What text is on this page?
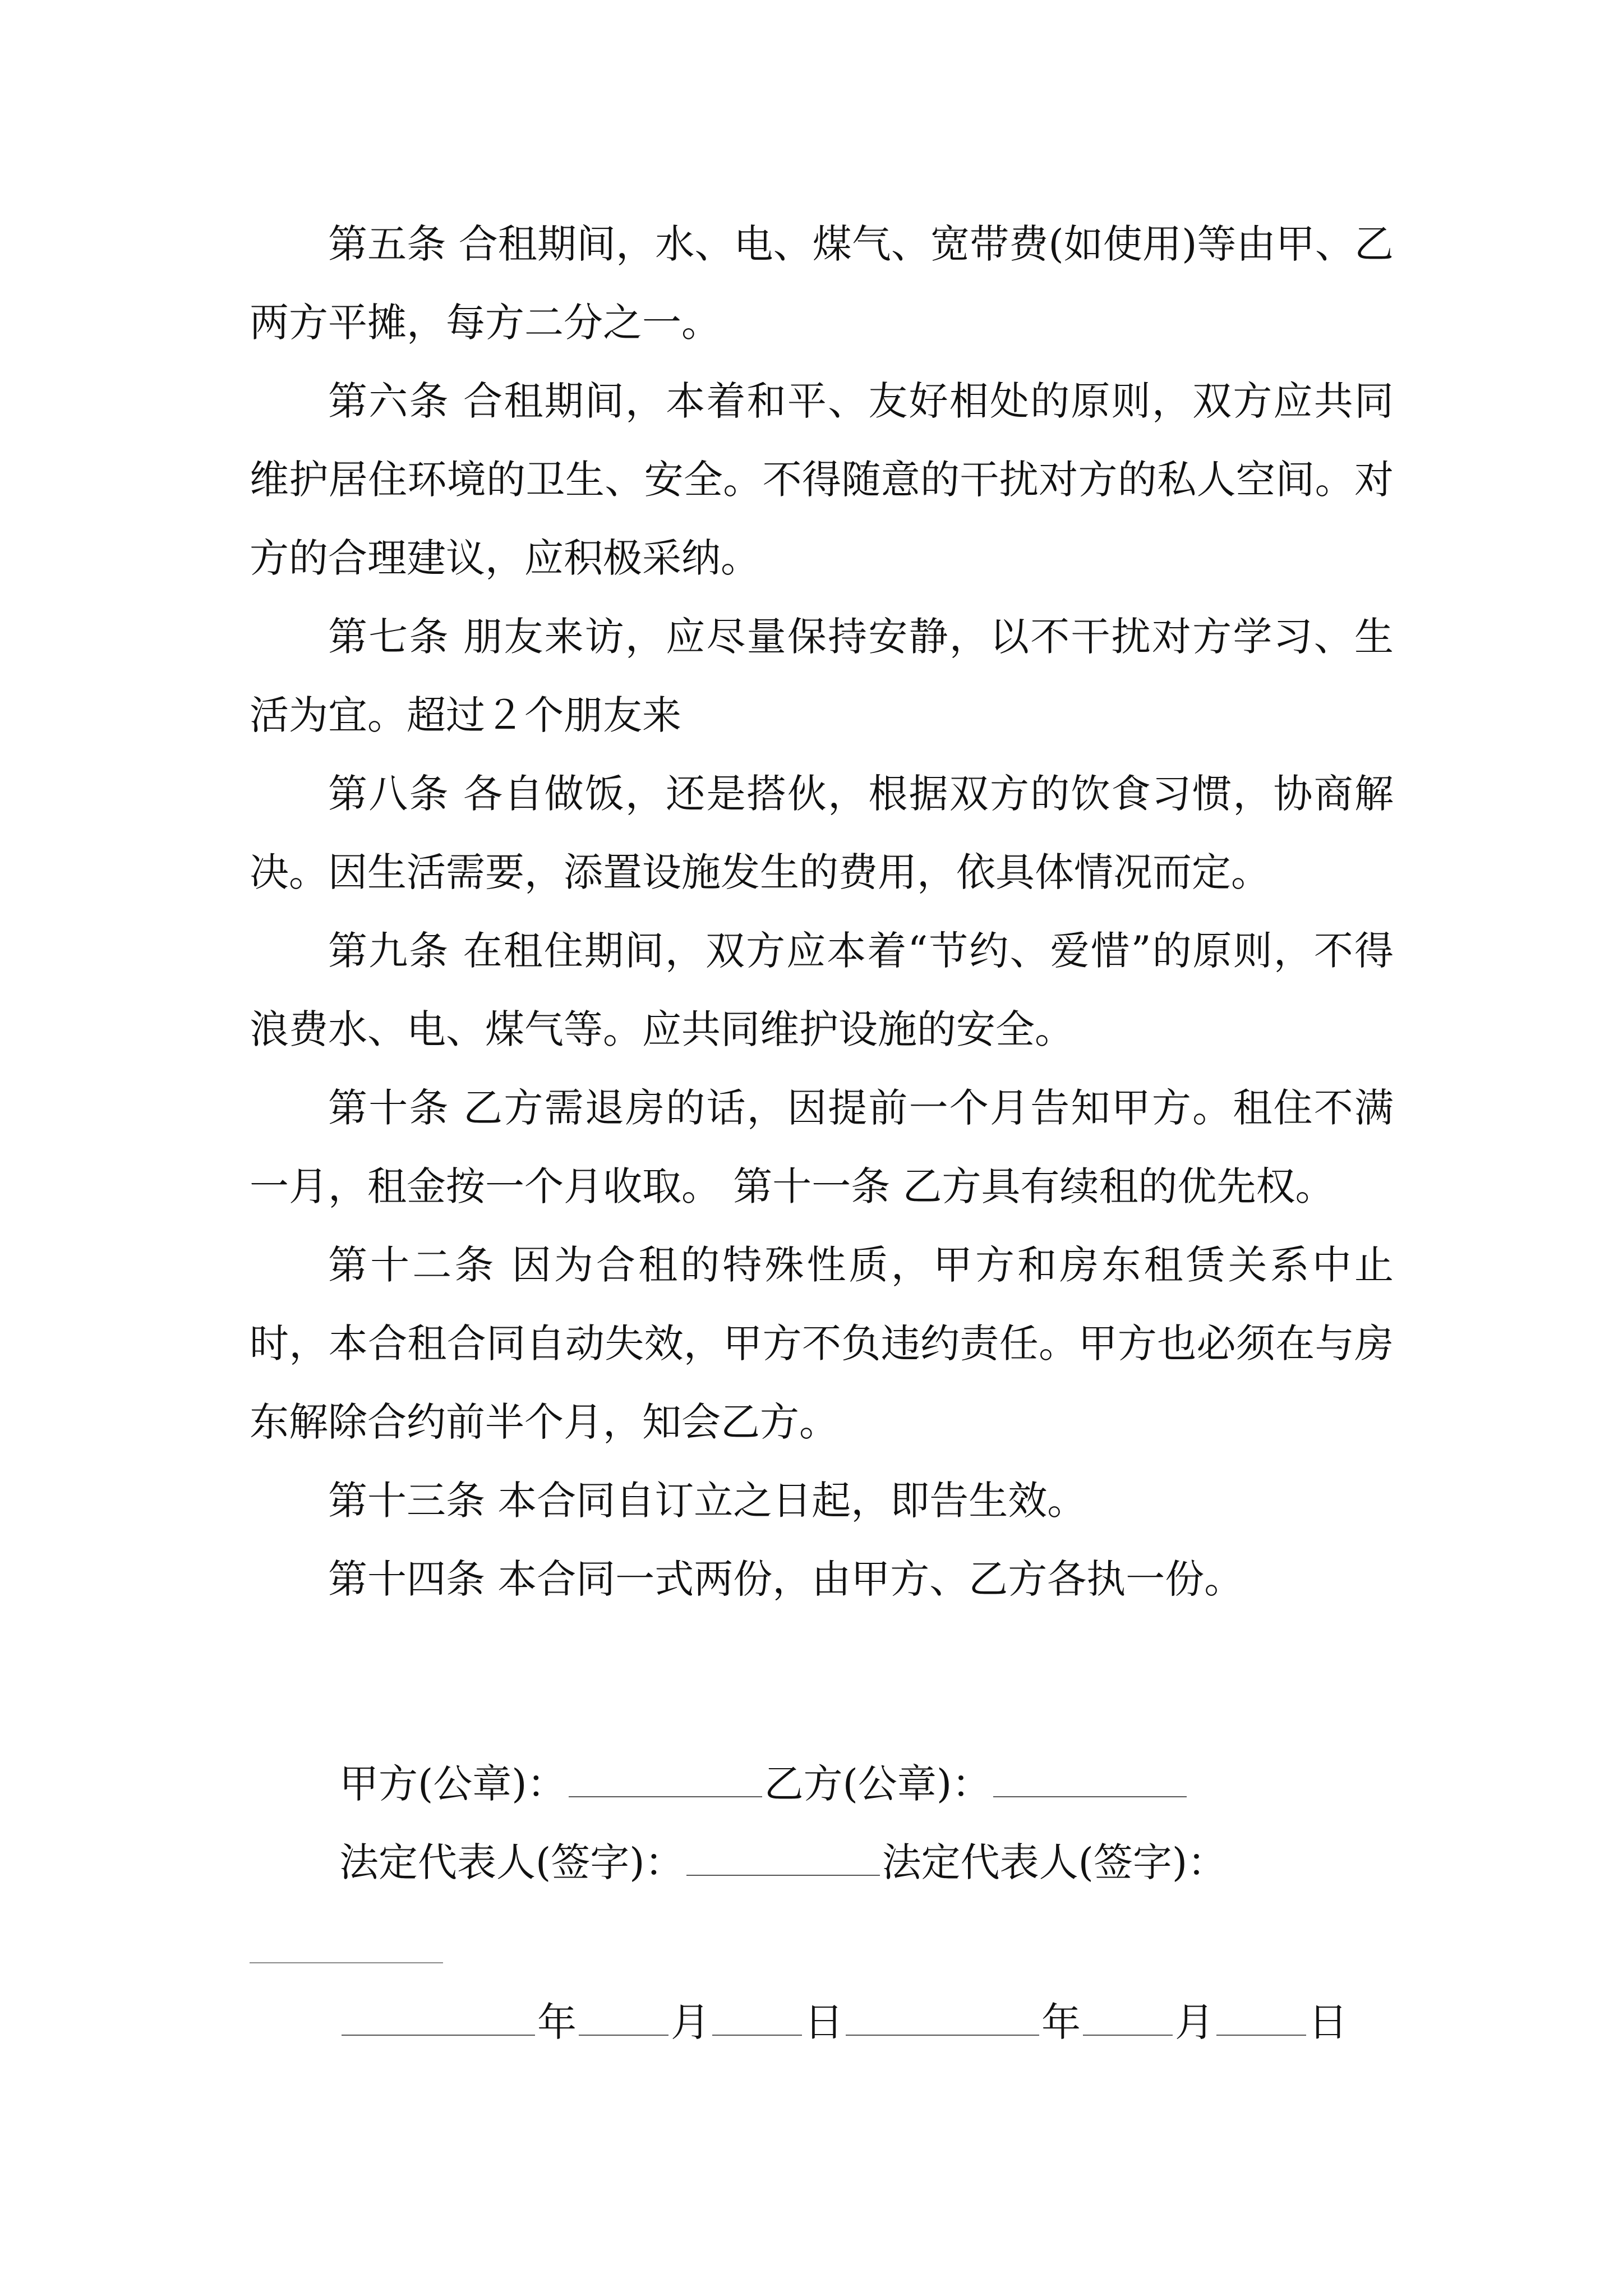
第五条 合租期间，水、电、煤气、宽带费(如使用)等由甲、乙两方平摊，每方二分之一。

第六条 合租期间，本着和平、友好相处的原则，双方应共同维护居住环境的卫生、安全。不得随意的干扰对方的私人空间。对方的合理建议，应积极采纳。

第七条 朋友来访，应尽量保持安静，以不干扰对方学习、生活为宜。超过２个朋友来

第八条 各自做饭，还是搭伙，根据双方的饮食习惯，协商解决。因生活需要，添置设施发生的费用，依具体情况而定。

第九条 在租住期间，双方应本着“节约、爱惜”的原则，不得浪费水、电、煤气等。应共同维护设施的安全。

第十条 乙方需退房的话，因提前一个月告知甲方。租住不满一月，租金按一个月收取。 第十一条 乙方具有续租的优先权。

第十二条 因为合租的特殊性质，甲方和房东租赁关系中止时，本合租合同自动失效，甲方不负违约责任。甲方也必须在与房东解除合约前半个月，知会乙方。

第十三条 本合同自订立之日起，即告生效。

第十四条 本合同一式两份，由甲方、乙方各执一份。

甲方(公章)：	乙方(公章)：
法定代表人(签字)：	法定代表人(签字)：
年 月 日	年 月 日
